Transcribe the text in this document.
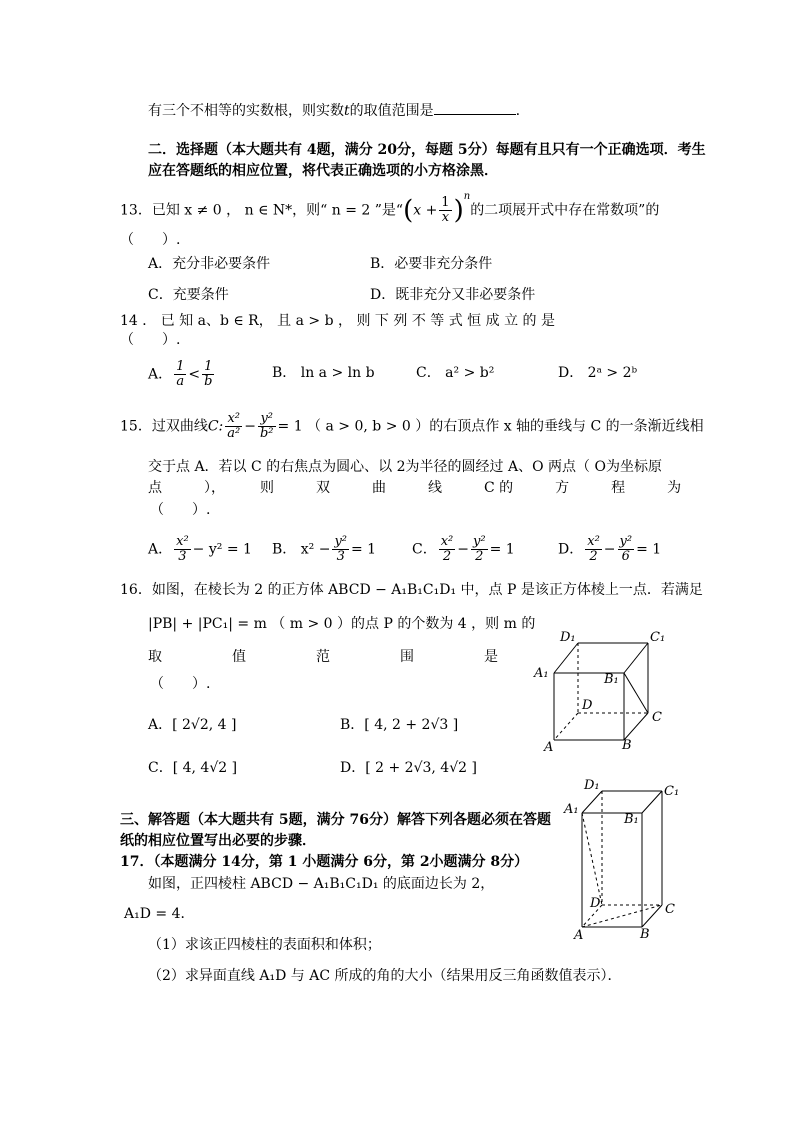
有三个不相等的实数根，则实数t的取值范围是	.
二．选择题（本大题共有 4题，满分 20分，每题 5分）每题有且只有一个正确选项．考生
应在答题纸的相应位置，将代表正确选项的小方格涂黑．
13．已知 x ≠ 0 ， n ∈ N*，则“ n = 2 ”是“$(x + \frac{1}{x} )^n$的二项展开式中存在常数项”的
（　　）.
A．充分非必要条件	B．必要非充分条件
C．充要条件	D．既非充分又非必要条件
14 ． 已 知 a、b ∈ R， 且 a > b ， 则 下 列 不 等 式 恒 成 立 的 是
（　　）.
A． $\frac{1}{a} < \frac{1}{b}$	B． ln a > ln b	C． a² > b²	D． 2ᵃ > 2ᵇ
15．过双曲线C: $\frac{\text{x²}}{\text{a²}} - \frac{\text{y²}}{\text{b²}} = 1$ （ a > 0, b > 0 ）的右顶点作 x 轴的垂线与 C 的一条渐近线相
交于点 A．若以 C 的右焦点为圆心、以 2为半径的圆经过 A、O 两点（ O为坐标原
点　　　），　　　则　　　双　　　曲　　　线　　　C 的　　　方　　　程　　　为
（　　）.
A． $\frac{\text{x²}}{3} - y^2 = 1$ B． $x^2 - \frac{\text{y²}}{3} = 1$	C． $\frac{\text{x²}}{2} - \frac{\text{y²}}{2} = 1$	D． $\frac{\text{x²}}{2} - \frac{\text{y²}}{6} = 1$
16．如图，在棱长为 2 的正方体 ABCD − A₁B₁C₁D₁ 中，点 P 是该正方体棱上一点．若满足
|PB| + |PC₁| = m （ m > 0 ）的点 P 的个数为 4 ，则 m 的
取　　　　　值　　　　　范　　　　　围　　　　　是
（　　）.
A．[ 2√2, 4 ]	B．[ 4, 2 + 2√3 ]
C．[ 4, 4√2 ]	D．[ 2 + 2√3, 4√2 ]
D₁	C₁
A₁	B₁
D
C
A	B
三、解答题（本大题共有 5题，满分 76分）解答下列各题必须在答题
纸的相应位置写出必要的步骤．
17．（本题满分 14分，第 1 小题满分 6分，第 2小题满分 8分）
如图，正四棱柱 ABCD − A₁B₁C₁D₁ 的底面边长为 2，
A₁D = 4．
（1）求该正四棱柱的表面积和体积；
（2）求异面直线 A₁D 与 AC 所成的角的大小（结果用反三角函数值表示）．
D₁	C₁
A₁
B₁
D	C
A	B
